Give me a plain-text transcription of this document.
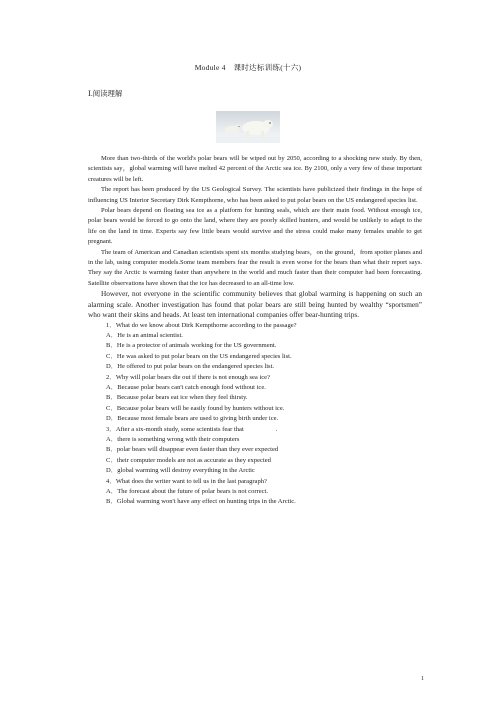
Module 4　课时达标训练(十六)
Ⅰ.阅读理解

More than two-thirds of the world's polar bears will be wiped out by 2050, according to a shocking new study. By then, scientists say，global warming will have melted 42 percent of the Arctic sea ice. By 2100, only a very few of these important creatures will be left.

The report has been produced by the US Geological Survey. The scientists have publicized their findings in the hope of influencing US Interior Secretary Dirk Kempthorne, who has been asked to put polar bears on the US endangered species list.

Polar bears depend on floating sea ice as a platform for hunting seals, which are their main food. Without enough ice, polar bears would be forced to go onto the land, where they are poorly skilled hunters, and would be unlikely to adapt to the life on the land in time. Experts say few little bears would survive and the stress could make many females unable to get pregnant.

The team of American and Canadian scientists spent six months studying bears，on the ground，from spotter planes and in the lab, using computer models.Some team members fear the result is even worse for the bears than what their report says. They say the Arctic is warming faster than anywhere in the world and much faster than their computer had been forecasting. Satellite observations have shown that the ice has decreased to an all-time low.

However, not everyone in the scientific community believes that global warming is happening on such an alarming scale. Another investigation has found that polar bears are still being hunted by wealthy “sportsmen” who want their skins and heads. At least ten international companies offer bear-hunting trips.

1．What do we know about Dirk Kempthorne according to the passage?

A．He is an animal scientist.

B．He is a protector of animals working for the US government.

C．He was asked to put polar bears on the US endangered species list.

D．He offered to put polar bears on the endangered species list.

2．Why will polar bears die out if there is not enough sea ice?

A．Because polar bears can't catch enough food without ice.

B．Because polar bears eat ice when they feel thirsty.

C．Because polar bears will be easily found by hunters without ice.

D．Because most female bears are used to giving birth under ice.

3．After a six-month study, some scientists fear that	.

A．there is something wrong with their computers

B．polar bears will disappear even faster than they ever expected

C．their computer models are not as accurate as they expected

D．global warming will destroy everything in the Arctic

4．What does the writer want to tell us in the last paragraph?

A．The forecast about the future of polar bears is not correct.

B．Global warming won't have any effect on hunting trips in the Arctic.

1
